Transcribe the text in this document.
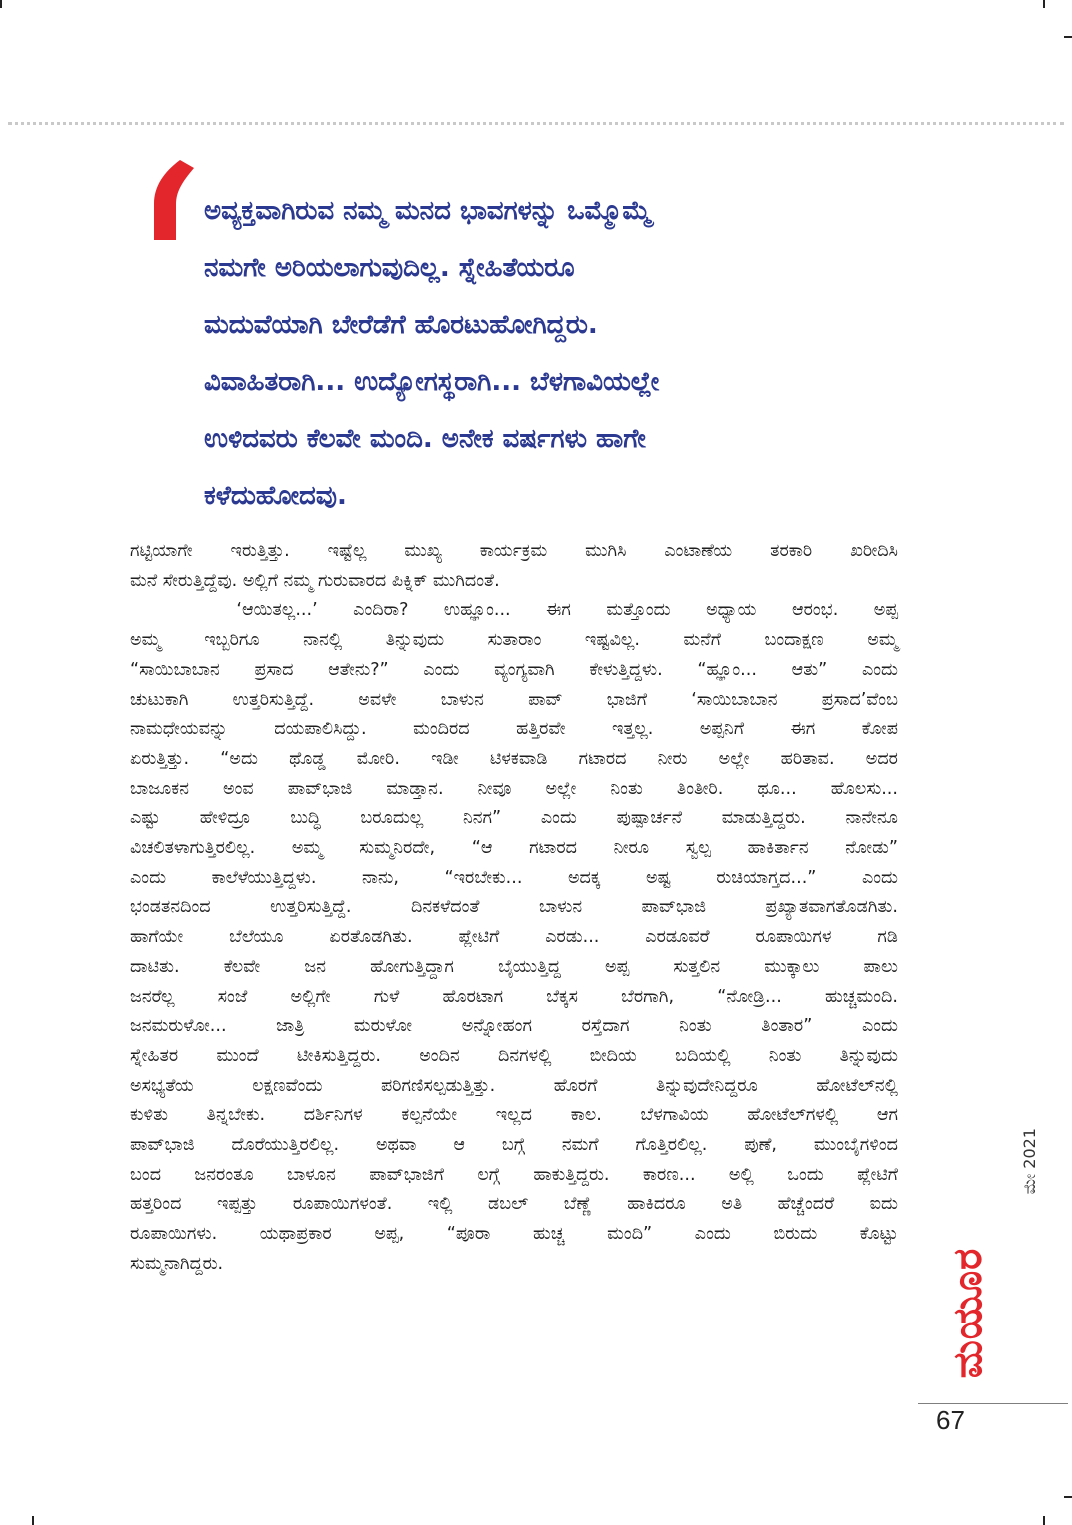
ಅವ್ಯಕ್ತವಾಗಿರುವ ನಮ್ಮ ಮನದ ಭಾವಗಳನ್ನು ಒಮ್ಮೊಮ್ಮೆ
ನಮಗೇ ಅರಿಯಲಾಗುವುದಿಲ್ಲ. ಸ್ನೇಹಿತೆಯರೂ
ಮದುವೆಯಾಗಿ ಬೇರೆಡೆಗೆ ಹೊರಟುಹೋಗಿದ್ದರು.
ವಿವಾಹಿತರಾಗಿ... ಉದ್ಯೋಗಸ್ಥರಾಗಿ... ಬೆಳಗಾವಿಯಲ್ಲೇ
ಉಳಿದವರು ಕೆಲವೇ ಮಂದಿ. ಅನೇಕ ವರ್ಷಗಳು ಹಾಗೇ
ಕಳೆದುಹೋದವು.
ಗಟ್ಟಿಯಾಗೇ ಇರುತ್ತಿತ್ತು. ಇಷ್ಟೆಲ್ಲ ಮುಖ್ಯ ಕಾರ್ಯಕ್ರಮ ಮುಗಿಸಿ ಎಂಟಾಣೆಯ ತರಕಾರಿ ಖರೀದಿಸಿ
ಮನೆ ಸೇರುತ್ತಿದ್ದೆವು. ಅಲ್ಲಿಗೆ ನಮ್ಮ ಗುರುವಾರದ ಪಿಕ್ನಿಕ್ ಮುಗಿದಂತೆ.
‘ಆಯಿತಲ್ಲ...’ ಎಂದಿರಾ? ಉಹ್ಞೂಂ... ಈಗ ಮತ್ತೊಂದು ಅಧ್ಯಾಯ ಆರಂಭ. ಅಪ್ಪ
ಅಮ್ಮ ಇಬ್ಬರಿಗೂ ನಾನಲ್ಲಿ ತಿನ್ನುವುದು ಸುತಾರಾಂ ಇಷ್ಟವಿಲ್ಲ. ಮನೆಗೆ ಬಂದಾಕ್ಷಣ ಅಮ್ಮ
“ಸಾಯಿಬಾಬಾನ ಪ್ರಸಾದ ಆತೇನು?” ಎಂದು ವ್ಯಂಗ್ಯವಾಗಿ ಕೇಳುತ್ತಿದ್ದಳು. “ಹ್ಞೂಂ... ಆತು” ಎಂದು
ಚುಟುಕಾಗಿ ಉತ್ತರಿಸುತ್ತಿದ್ದೆ. ಅವಳೇ ಬಾಳುನ ಪಾವ್ ಭಾಜಿಗೆ ‘ಸಾಯಿಬಾಬಾನ ಪ್ರಸಾದ’ವೆಂಬ
ನಾಮಧೇಯವನ್ನು ದಯಪಾಲಿಸಿದ್ದು. ಮಂದಿರದ ಹತ್ತಿರವೇ ಇತ್ತಲ್ಲ. ಅಪ್ಪನಿಗೆ ಈಗ ಕೋಪ
ಏರುತ್ತಿತ್ತು. “ಅದು ಥೊಡ್ಡ ಮೋರಿ. ಇಡೀ ಟಿಳಕವಾಡಿ ಗಟಾರದ ನೀರು ಅಲ್ಲೇ ಹರಿತಾವ. ಅದರ
ಬಾಜೂಕನ ಅಂವ ಪಾವ್‌ಭಾಜಿ ಮಾಡ್ತಾನ. ನೀವೂ ಅಲ್ಲೇ ನಿಂತು ತಿಂತೀರಿ. ಥೂ... ಹೊಲಸು...
ಎಷ್ಟು ಹೇಳಿದ್ರೂ ಬುದ್ಧಿ ಬರೂದುಲ್ಲ ನಿನಗ” ಎಂದು ಪುಷ್ಪಾರ್ಚನೆ ಮಾಡುತ್ತಿದ್ದರು. ನಾನೇನೂ
ವಿಚಲಿತಳಾಗುತ್ತಿರಲಿಲ್ಲ. ಅಮ್ಮ ಸುಮ್ಮನಿರದೇ, “ಆ ಗಟಾರದ ನೀರೂ ಸ್ವಲ್ಪ ಹಾಕಿರ್ತಾನ ನೋಡು”
ಎಂದು ಕಾಲೆಳೆಯುತ್ತಿದ್ದಳು. ನಾನು, “ಇರಬೇಕು... ಅದಕ್ಕ ಅಷ್ಟ ರುಚಿಯಾಗ್ತದ...” ಎಂದು
ಭಂಡತನದಿಂದ ಉತ್ತರಿಸುತ್ತಿದ್ದೆ. ದಿನಕಳೆದಂತೆ ಬಾಳುನ ಪಾವ್‌ಭಾಜಿ ಪ್ರಖ್ಯಾತವಾಗತೊಡಗಿತು.
ಹಾಗೆಯೇ ಬೆಲೆಯೂ ಏರತೊಡಗಿತು. ಪ್ಲೇಟಿಗೆ ಎರಡು... ಎರಡೂವರೆ ರೂಪಾಯಿಗಳ ಗಡಿ
ದಾಟಿತು. ಕೆಲವೇ ಜನ ಹೋಗುತ್ತಿದ್ದಾಗ ಬೈಯುತ್ತಿದ್ದ ಅಪ್ಪ ಸುತ್ತಲಿನ ಮುಕ್ಕಾಲು ಪಾಲು
ಜನರೆಲ್ಲ ಸಂಜೆ ಅಲ್ಲಿಗೇ ಗುಳೆ ಹೊರಟಾಗ ಬೆಕ್ಕಸ ಬೆರಗಾಗಿ, “ನೋಡ್ರಿ... ಹುಚ್ಚಮಂದಿ.
ಜನಮರುಳೋ... ಜಾತ್ರಿ ಮರುಳೋ ಅನ್ನೋಹಂಗ ರಸ್ತೆದಾಗ ನಿಂತು ತಿಂತಾರ” ಎಂದು
ಸ್ನೇಹಿತರ ಮುಂದೆ ಟೀಕಿಸುತ್ತಿದ್ದರು. ಅಂದಿನ ದಿನಗಳಲ್ಲಿ ಬೀದಿಯ ಬದಿಯಲ್ಲಿ ನಿಂತು ತಿನ್ನುವುದು
ಅಸಭ್ಯತೆಯ ಲಕ್ಷಣವೆಂದು ಪರಿಗಣಿಸಲ್ಪಡುತ್ತಿತ್ತು. ಹೊರಗೆ ತಿನ್ನುವುದೇನಿದ್ದರೂ ಹೋಟೆಲ್‌ನಲ್ಲಿ
ಕುಳಿತು ತಿನ್ನಬೇಕು. ದರ್ಶಿನಿಗಳ ಕಲ್ಪನೆಯೇ ಇಲ್ಲದ ಕಾಲ. ಬೆಳಗಾವಿಯ ಹೋಟೆಲ್‌ಗಳಲ್ಲಿ ಆಗ
ಪಾವ್‌ಭಾಜಿ ದೊರೆಯುತ್ತಿರಲಿಲ್ಲ. ಅಥವಾ ಆ ಬಗ್ಗೆ ನಮಗೆ ಗೊತ್ತಿರಲಿಲ್ಲ. ಪುಣೆ, ಮುಂಬೈಗಳಿಂದ
ಬಂದ ಜನರಂತೂ ಬಾಳೂನ ಪಾವ್‌ಭಾಜಿಗೆ ಲಗ್ಗೆ ಹಾಕುತ್ತಿದ್ದರು. ಕಾರಣ... ಅಲ್ಲಿ ಒಂದು ಪ್ಲೇಟಿಗೆ
ಹತ್ತರಿಂದ ಇಪ್ಪತ್ತು ರೂಪಾಯಿಗಳಂತೆ. ಇಲ್ಲಿ ಡಬಲ್ ಬೆಣ್ಣೆ ಹಾಕಿದರೂ ಅತಿ ಹೆಚ್ಚೆಂದರೆ ಐದು
ರೂಪಾಯಿಗಳು. ಯಥಾಪ್ರಕಾರ ಅಪ್ಪ, “ಪೂರಾ ಹುಚ್ಚ ಮಂದಿ” ಎಂದು ಬಿರುದು ಕೊಟ್ಟು
ಸುಮ್ಮನಾಗಿದ್ದರು.
ಮೇ 2021
ಮಯೂರ
67
